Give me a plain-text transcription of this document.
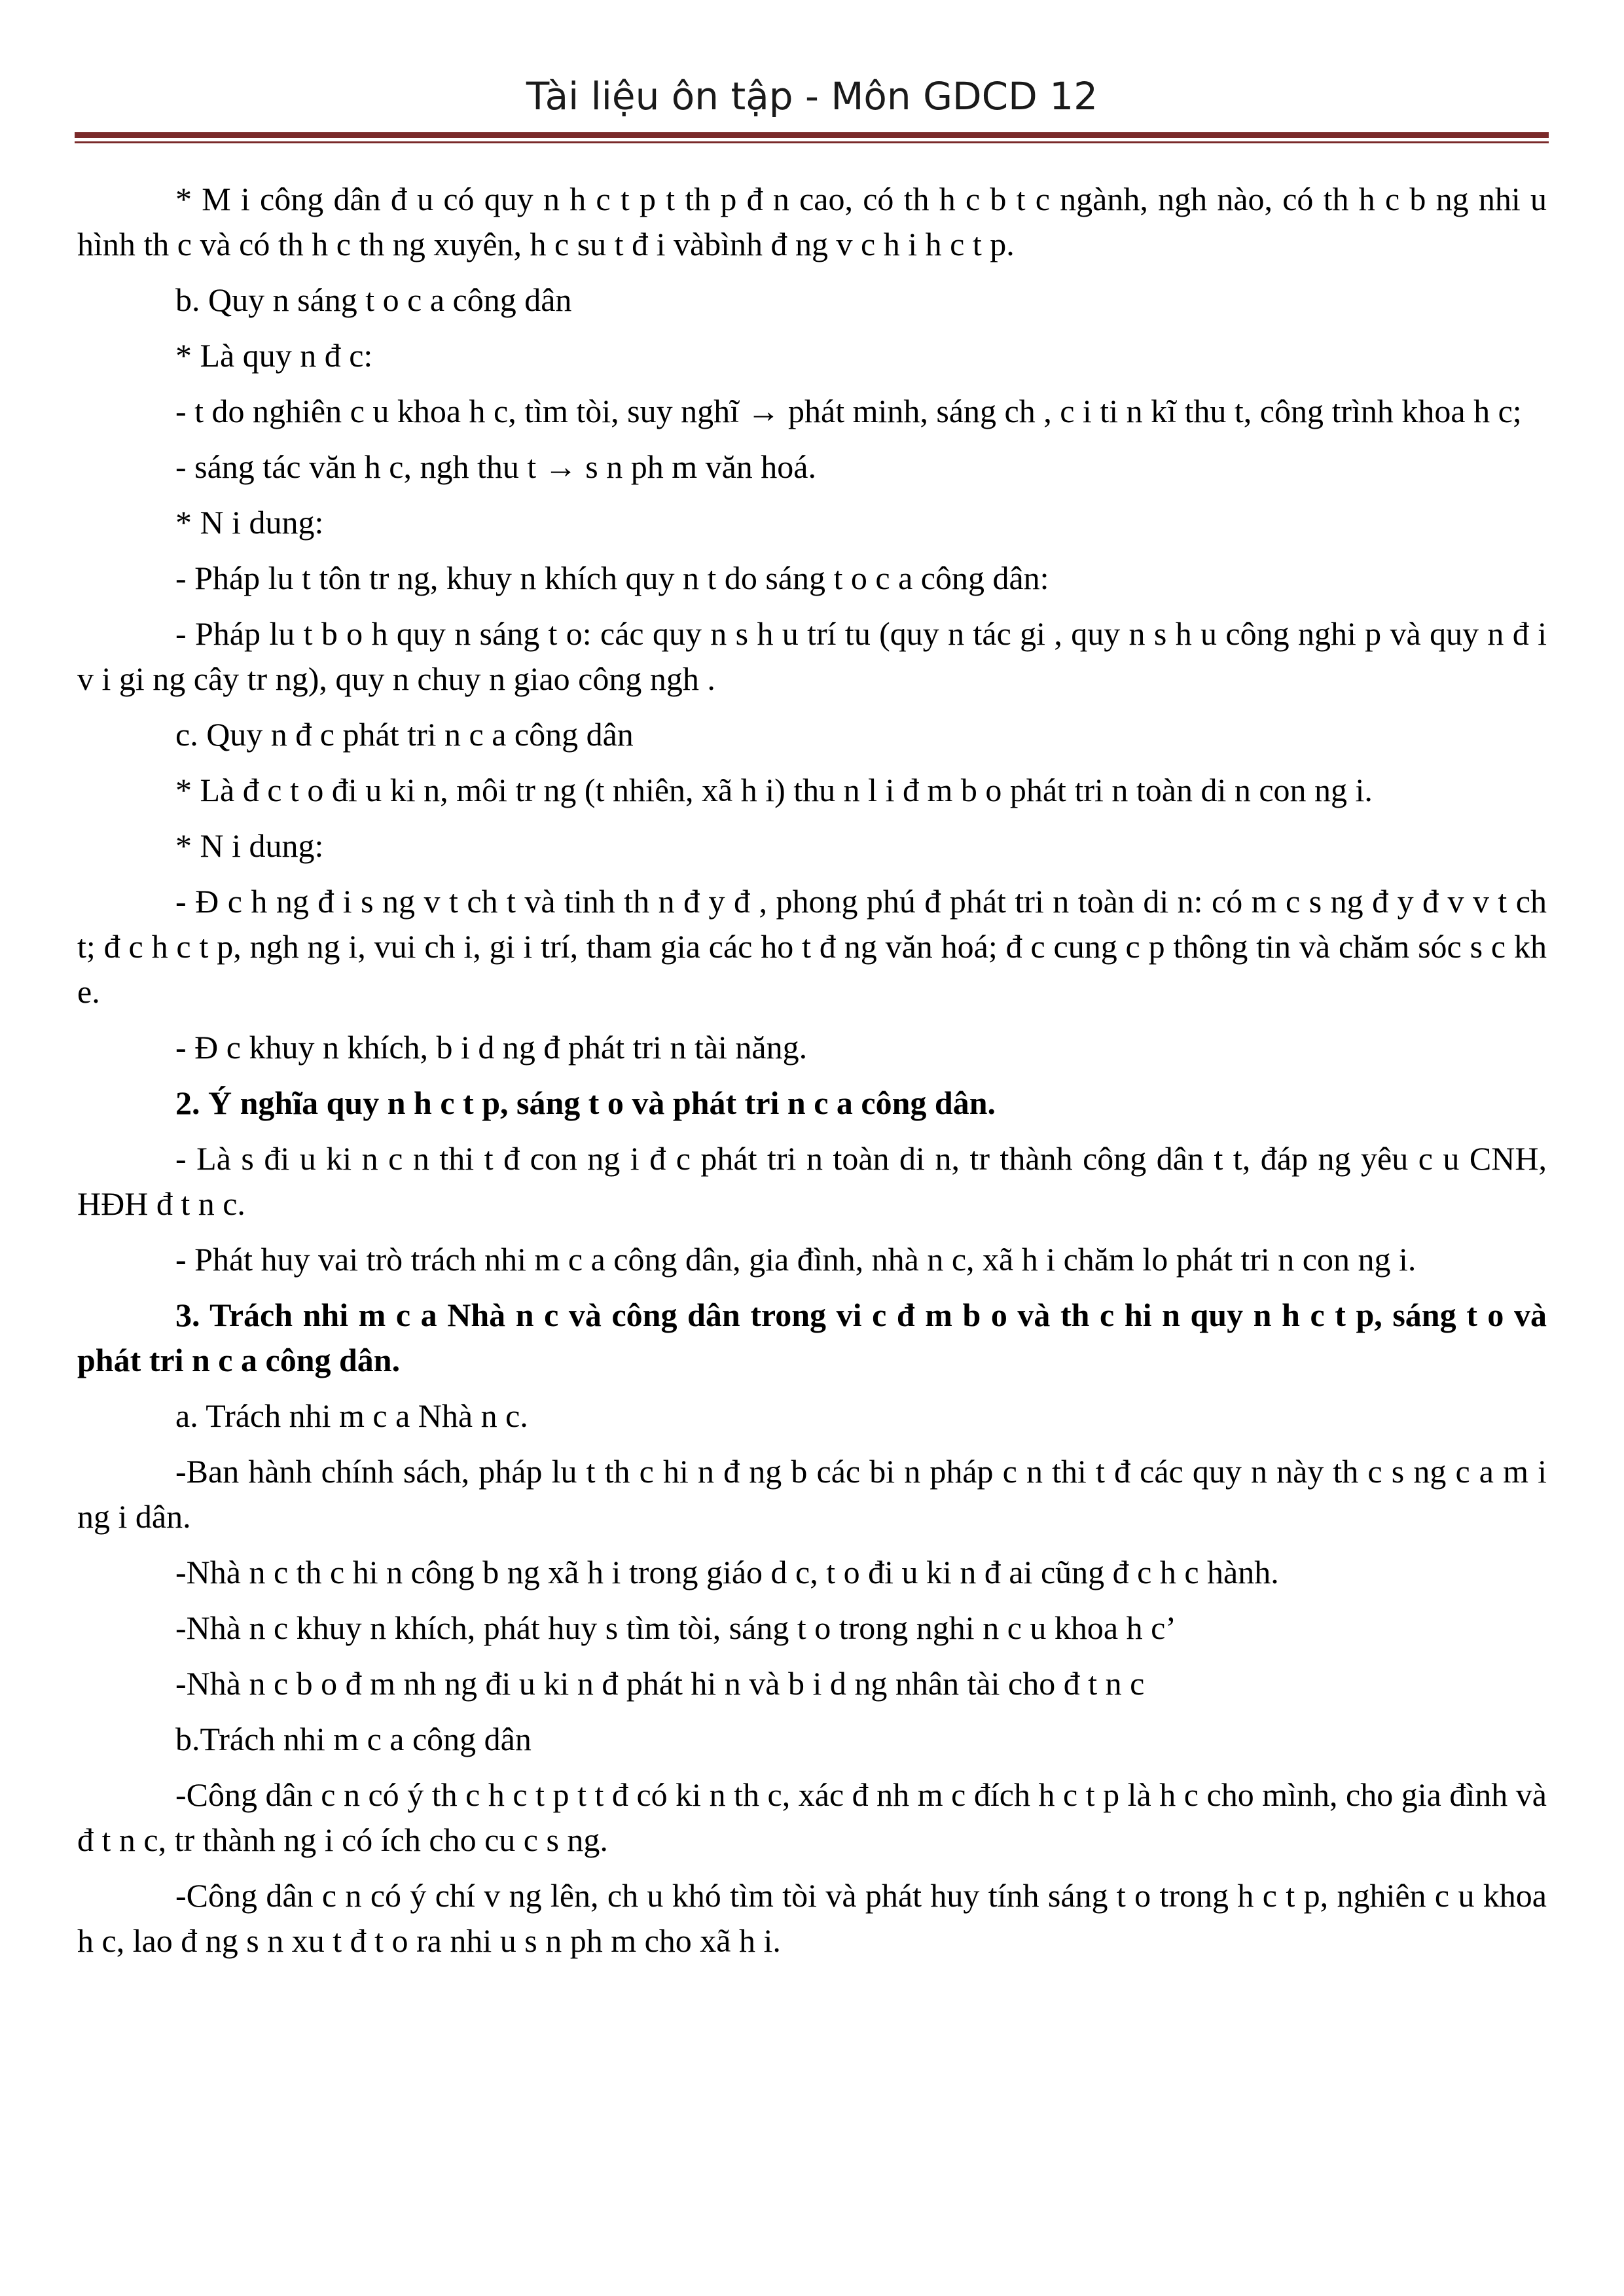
Tài liệu ôn tập - Môn GDCD 12

* M i công dân đ u có quy n h c t p t th p đ n cao, có th h c b t c ngành, ngh nào, có th h c b ng nhi u hình th c và có th h c th ng xuyên, h c su t đ i vàbình đ ng v c h i h c t p.

b. Quy n sáng t o c a công dân

* Là quy n đ c:

- t do nghiên c u khoa h c, tìm tòi, suy nghĩ → phát minh, sáng ch , c i ti n kĩ thu t, công trình khoa h c;

- sáng tác văn h c, ngh thu t → s n ph m văn hoá.

* N i dung:

- Pháp lu t tôn tr ng, khuy n khích quy n t do sáng t o c a công dân:

- Pháp lu t b o h quy n sáng t o: các quy n s h u trí tu (quy n tác gi , quy n s h u công nghi p và quy n đ i v i gi ng cây tr ng), quy n chuy n giao công ngh .

c. Quy n đ c phát tri n c a công dân

* Là đ c t o đi u ki n, môi tr ng (t nhiên, xã h i) thu n l i đ m b o phát tri n toàn di n con ng i.

* N i dung:

- Đ c h ng đ i s ng v t ch t và tinh th n đ y đ , phong phú đ phát tri n toàn di n: có m c s ng đ y đ v v t ch t; đ c h c t p, ngh ng i, vui ch i, gi i trí, tham gia các ho t đ ng văn hoá; đ c cung c p thông tin và chăm sóc s c kh e.

- Đ c khuy n khích, b i d ng đ phát tri n tài năng.

2. Ý nghĩa quy n h c t p, sáng t o và phát tri n c a công dân.

- Là s đi u ki n c n thi t đ con ng i đ c phát tri n toàn di n, tr thành công dân t t, đáp ng yêu c u CNH, HĐH đ t n c.

- Phát huy vai trò trách nhi m c a công dân, gia đình, nhà n c, xã h i chăm lo phát tri n con ng i.

3. Trách nhi m c a Nhà n c và công dân trong vi c đ m b o và th c hi n quy n h c t p, sáng t o và phát tri n c a công dân.

a. Trách nhi m c a Nhà n c.

-Ban hành chính sách, pháp lu t th c hi n đ ng b các bi n pháp c n thi t đ các quy n này th c s ng c a m i ng i dân.

-Nhà n c th c hi n công b ng xã h i trong giáo d c, t o đi u ki n đ ai cũng đ c h c hành.

-Nhà n c khuy n khích, phát huy s tìm tòi, sáng t o trong nghi n c u khoa h c’

-Nhà n c b o đ m nh ng đi u ki n đ phát hi n và b i d ng nhân tài cho đ t n c

b.Trách nhi m c a công dân

-Công dân c n có ý th c h c t p t t đ có ki n th c, xác đ nh m c đích h c t p là h c cho mình, cho gia đình và đ t n c, tr thành ng i có ích cho cu c s ng.

-Công dân c n có ý chí v ng lên, ch u khó tìm tòi và phát huy tính sáng t o trong h c t p, nghiên c u khoa h c, lao đ ng s n xu t đ t o ra nhi u s n ph m cho xã h i.
